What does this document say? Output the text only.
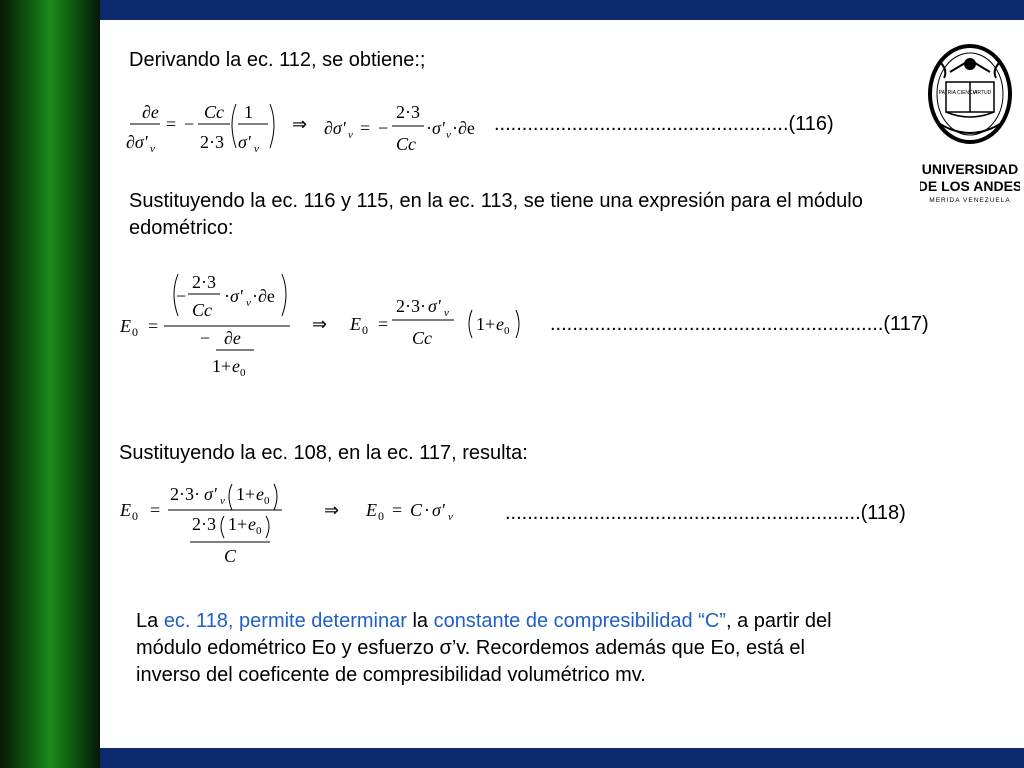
Derivando la ec. 112, se obtiene:;
∂e
∂σ' v
= −
Cc
2·3
1
σ' v
⇒ ∂σ' v = −
2·3
Cc
· σ' v ·∂e .....................................................(116)
Sustituyendo la ec. 116 y 115, en la ec. 113, se tiene una expresión para el módulo
edométrico:
E 0 =
−
2·3
Cc
· σ' v ·∂e
− ∂e
1+ e 0
⇒ E 0 =
2·3· σ' v
Cc
1+ e 0 ............................................................(117)
Sustituyendo la ec. 108, en la ec. 117, resulta:
E 0 =
2·3· σ' v 1+ e 0
2·3 1+ e 0
C
⇒ E 0 = C · σ' v	................................................................(118)
La ec. 118, permite determinar la constante de compresibilidad “C”, a partir del
módulo edométrico Eo y esfuerzo σ’v. Recordemos además que Eo, está el
inverso del coeficente de compresibilidad volumétrico mv.
PATRIA CIENCIA
VIRTUD
UNIVERSIDAD
DE LOS ANDES
MERIDA VENEZUELA
